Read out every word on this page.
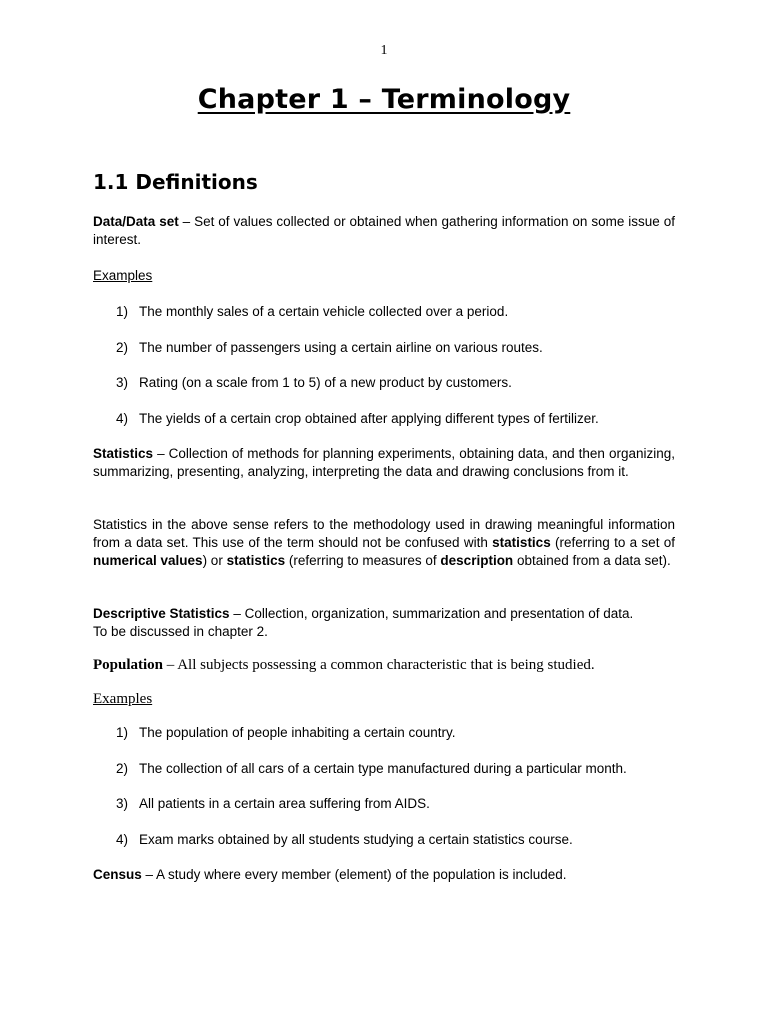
1
Chapter 1 – Terminology
1.1 Definitions
Data/Data set – Set of values collected or obtained when gathering information on some issue of interest.
Examples
1) The monthly sales of a certain vehicle collected over a period.
2) The number of passengers using a certain airline on various routes.
3) Rating (on a scale from 1 to 5) of a new product by customers.
4) The yields of a certain crop obtained after applying different types of fertilizer.
Statistics – Collection of methods for planning experiments, obtaining data, and then organizing, summarizing, presenting, analyzing, interpreting the data and drawing conclusions from it.
Statistics in the above sense refers to the methodology used in drawing meaningful information from a data set. This use of the term should not be confused with statistics (referring to a set of numerical values) or statistics (referring to measures of description obtained from a data set).
Descriptive Statistics – Collection, organization, summarization and presentation of data.
To be discussed in chapter 2.
Population – All subjects possessing a common characteristic that is being studied.
Examples
1) The population of people inhabiting a certain country.
2) The collection of all cars of a certain type manufactured during a particular month.
3) All patients in a certain area suffering from AIDS.
4) Exam marks obtained by all students studying a certain statistics course.
Census – A study where every member (element) of the population is included.
